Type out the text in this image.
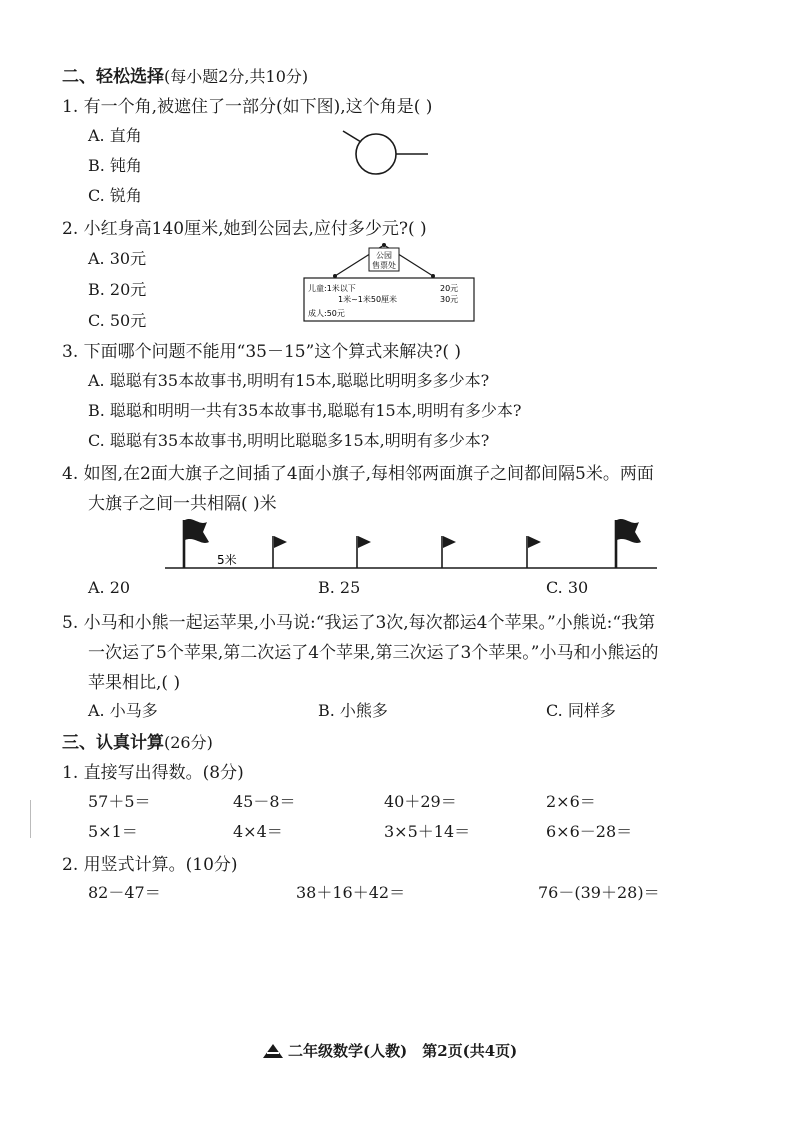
二、轻松选择(每小题2分,共10分)
1. 有一个角,被遮住了一部分(如下图),这个角是( )
A. 直角
B. 钝角
C. 锐角
2. 小红身高140厘米,她到公园去,应付多少元?( )
A. 30元
B. 20元
C. 50元
公园
售票处
儿童:1米以下	20元
1米~1米50厘米	30元
成人:50元
3. 下面哪个问题不能用“35－15”这个算式来解决?( )
A. 聪聪有35本故事书,明明有15本,聪聪比明明多多少本?
B. 聪聪和明明一共有35本故事书,聪聪有15本,明明有多少本?
C. 聪聪有35本故事书,明明比聪聪多15本,明明有多少本?
4. 如图,在2面大旗子之间插了4面小旗子,每相邻两面旗子之间都间隔5米。两面
大旗子之间一共相隔( )米
5米
A. 20	B. 25	C. 30
5. 小马和小熊一起运苹果,小马说:“我运了3次,每次都运4个苹果。”小熊说:“我第
一次运了5个苹果,第二次运了4个苹果,第三次运了3个苹果。”小马和小熊运的
苹果相比,( )
A. 小马多	B. 小熊多	C. 同样多
三、认真计算(26分)
1. 直接写出得数。(8分)
57＋5＝	45－8＝	40＋29＝	2×6＝
5×1＝	4×4＝	3×5＋14＝	6×6－28＝
2. 用竖式计算。(10分)
82－47＝	38＋16＋42＝	76－(39＋28)＝
二年级数学(人教)　第2页(共4页)
